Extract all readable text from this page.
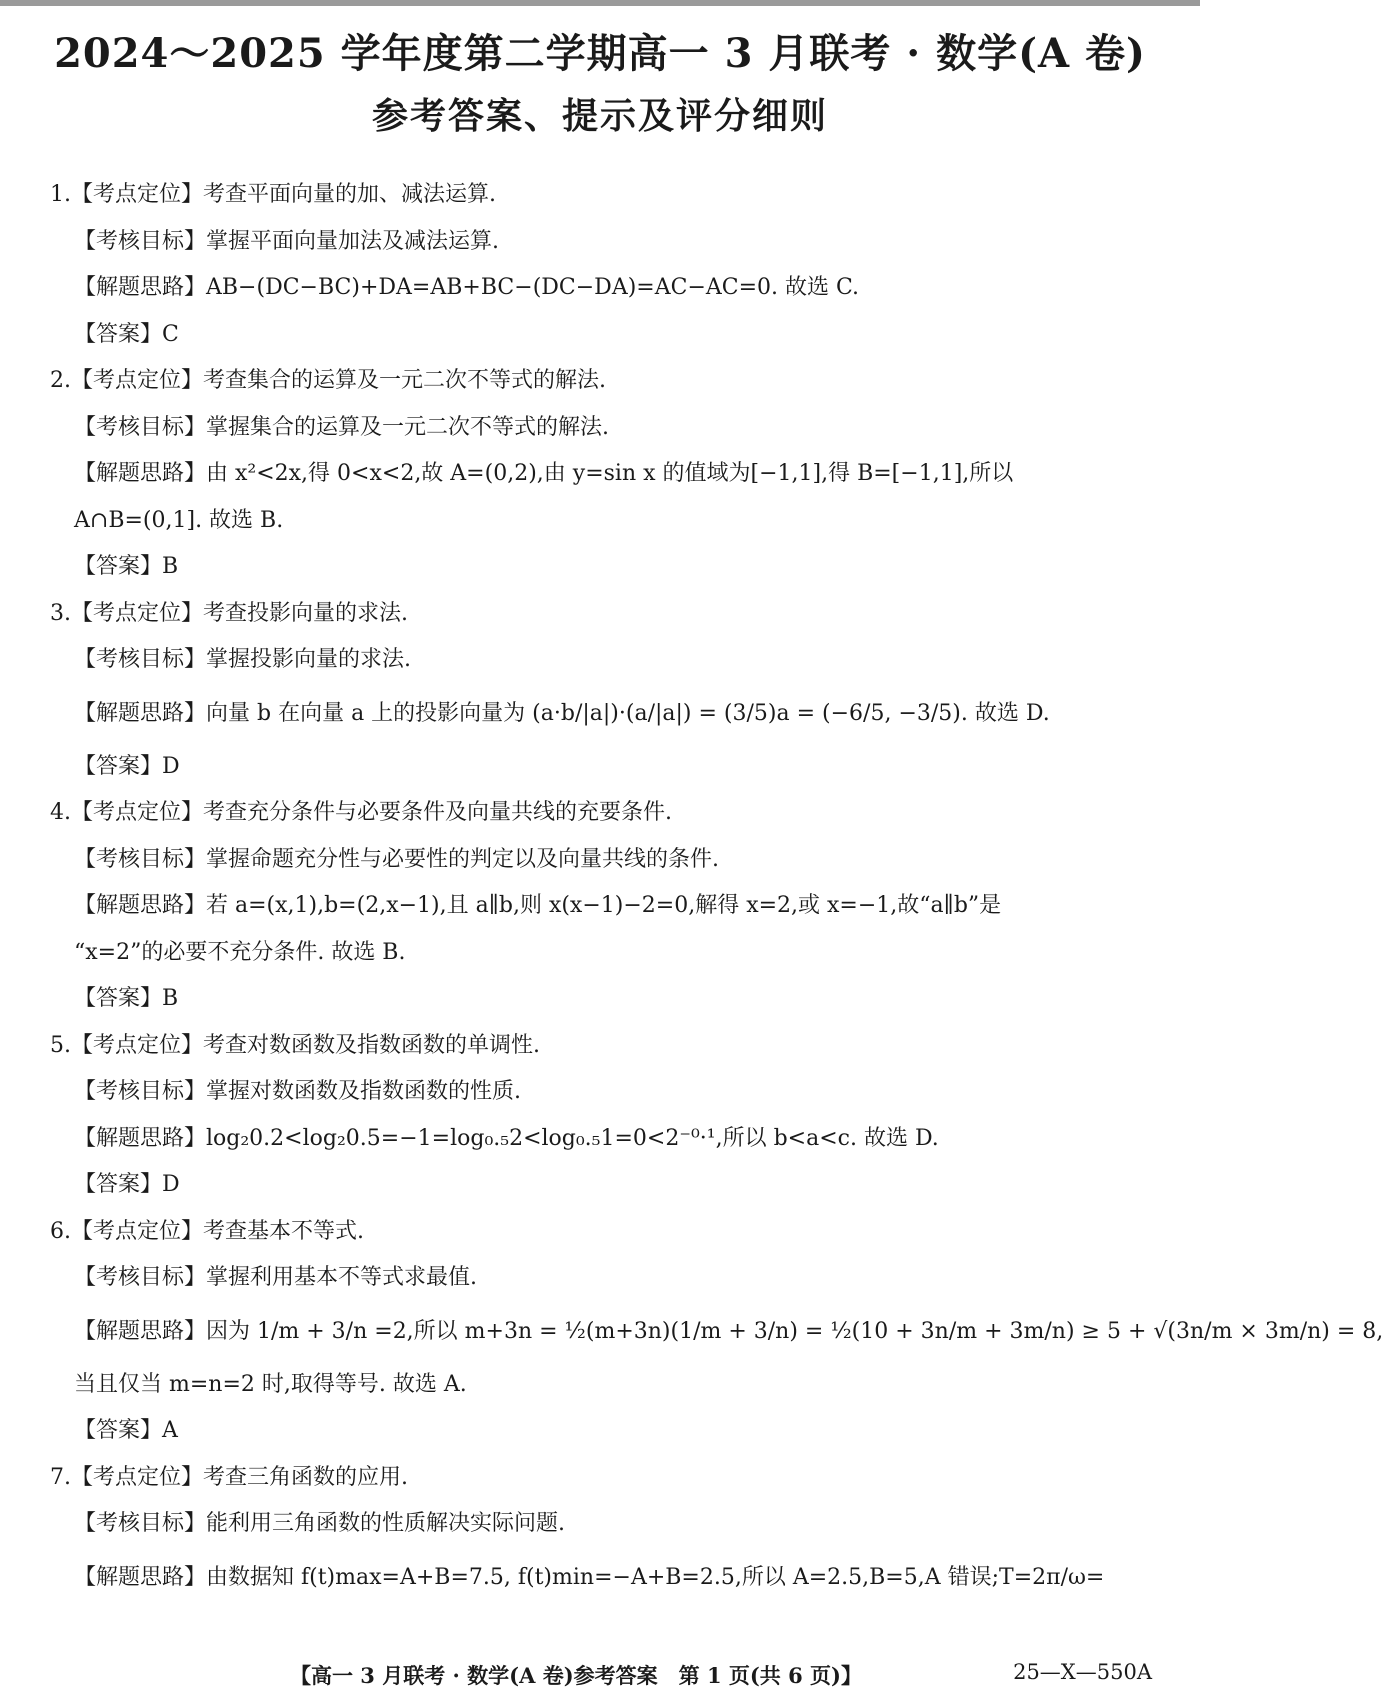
2024～2025 学年度第二学期高一 3 月联考 · 数学(A 卷)
参考答案、提示及评分细则
1.【考点定位】考查平面向量的加、减法运算.
【考核目标】掌握平面向量加法及减法运算.
【解题思路】AB−(DC−BC)+DA=AB+BC−(DC−DA)=AC−AC=0. 故选 C.
【答案】C
2.【考点定位】考查集合的运算及一元二次不等式的解法.
【考核目标】掌握集合的运算及一元二次不等式的解法.
【解题思路】由 x²<2x,得 0<x<2,故 A=(0,2),由 y=sin x 的值域为[−1,1],得 B=[−1,1],所以
A∩B=(0,1]. 故选 B.
【答案】B
3.【考点定位】考查投影向量的求法.
【考核目标】掌握投影向量的求法.
【解题思路】向量 b 在向量 a 上的投影向量为 (a·b/|a|)·(a/|a|) = (3/5)a = (−6/5, −3/5). 故选 D.
【答案】D
4.【考点定位】考查充分条件与必要条件及向量共线的充要条件.
【考核目标】掌握命题充分性与必要性的判定以及向量共线的条件.
【解题思路】若 a=(x,1),b=(2,x−1),且 a∥b,则 x(x−1)−2=0,解得 x=2,或 x=−1,故“a∥b”是
“x=2”的必要不充分条件. 故选 B.
【答案】B
5.【考点定位】考查对数函数及指数函数的单调性.
【考核目标】掌握对数函数及指数函数的性质.
【解题思路】log₂0.2<log₂0.5=−1=log₀.₅2<log₀.₅1=0<2⁻⁰·¹,所以 b<a<c. 故选 D.
【答案】D
6.【考点定位】考查基本不等式.
【考核目标】掌握利用基本不等式求最值.
【解题思路】因为 1/m + 3/n =2,所以 m+3n = ½(m+3n)(1/m + 3/n) = ½(10 + 3n/m + 3m/n) ≥ 5 + √(3n/m × 3m/n) = 8,
当且仅当 m=n=2 时,取得等号. 故选 A.
【答案】A
7.【考点定位】考查三角函数的应用.
【考核目标】能利用三角函数的性质解决实际问题.
【解题思路】由数据知 f(t)max=A+B=7.5, f(t)min=−A+B=2.5,所以 A=2.5,B=5,A 错误;T=2π/ω=
【高一 3 月联考 · 数学(A 卷)参考答案　第 1 页(共 6 页)】	25—X—550A
